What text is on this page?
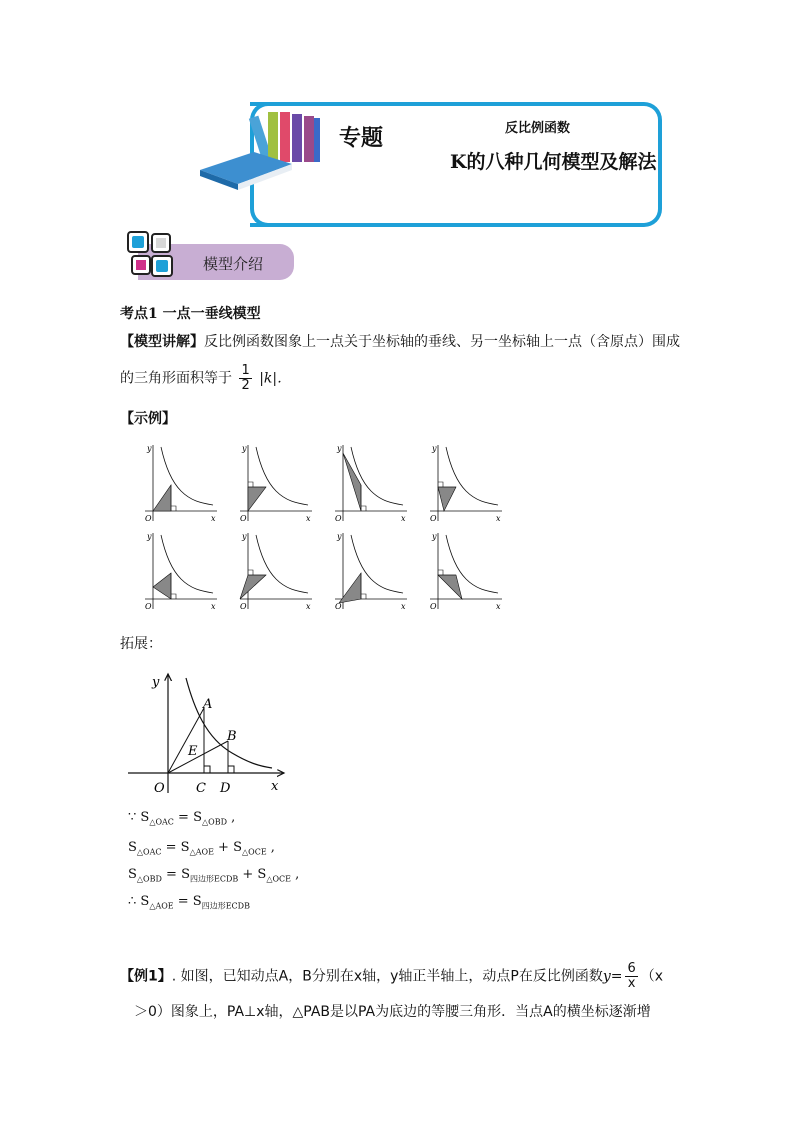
专题	反比例函数
K的八种几何模型及解法
模型介绍
考点1 一点一垂线模型
【模型讲解】反比例函数图象上一点关于坐标轴的垂线、另一坐标轴上一点（含原点）围成
的三角形面积等于 $\frac{1}{2} |k|$．
【示例】
y
x
O
y
x
O
y
x
O
y
x
O
y
x
O
y
x
O
y
x
O
y
x
O
拓展：
y
x
O
A
B
E
C D
∵ $S_{\triangle OAC} = S_{\triangle OBD}$ ,
$S_{\triangle OAC} = S_{\triangle AOE} + S_{\triangle OCE}$ ,
$S_{\triangle OBD} = S_{四边形ECDB} + S_{\triangle OCE}$ ,
∴ $S_{\triangle AOE} = S_{四边形ECDB}$
【例1】. 如图，已知动点A，B分别在x轴，y轴正半轴上，动点P在反比例函数$y= \frac{6}{x} (x$
＞0）图象上，PA⊥x轴，△PAB是以PA为底边的等腰三角形．当点A的横坐标逐渐增
